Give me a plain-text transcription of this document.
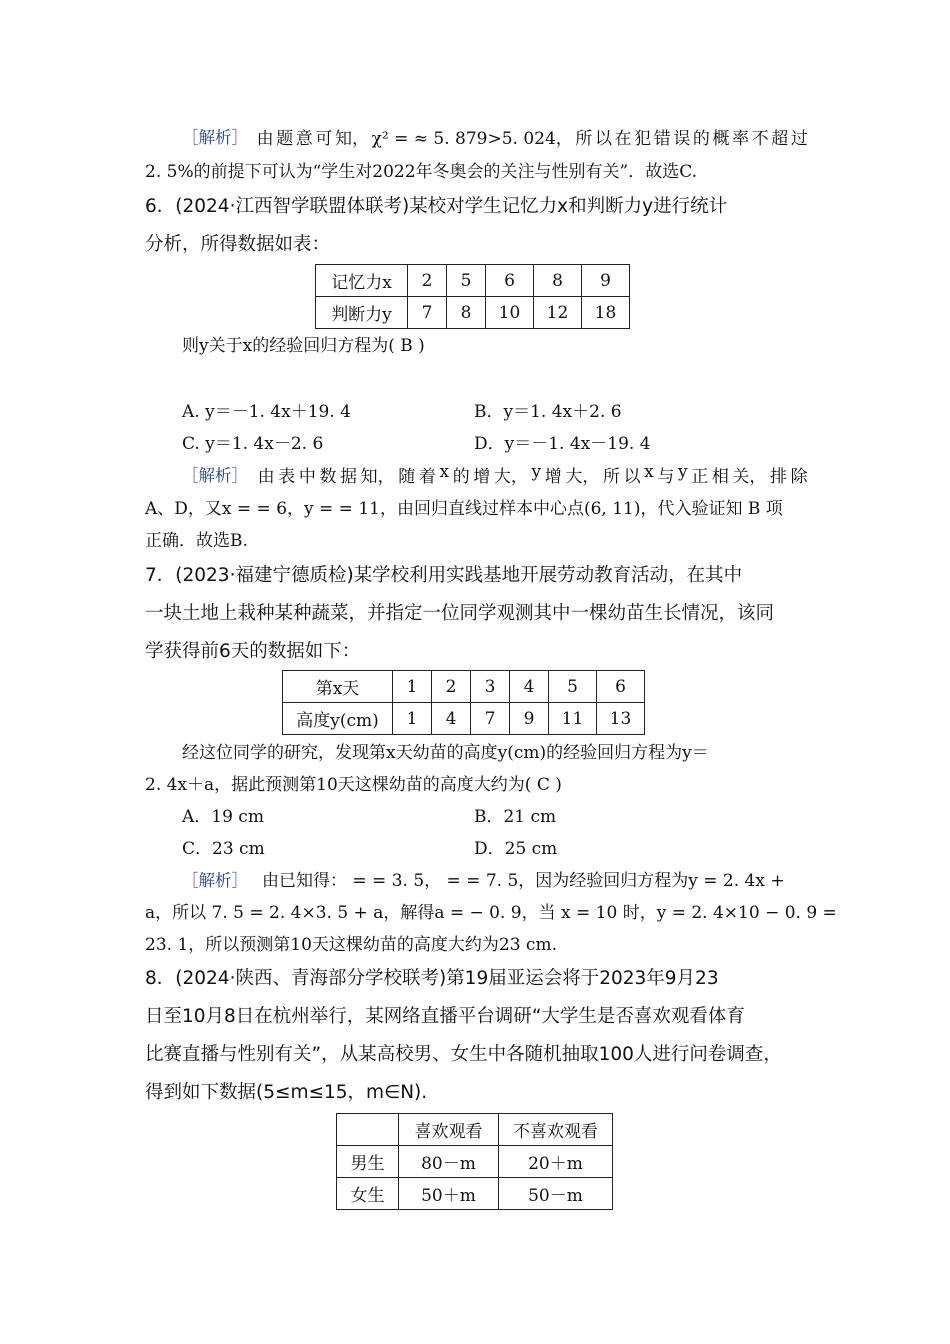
［解析］ 由 题 意 可 知， χ² = ≈ 5. 879>5. 024， 所 以 在 犯 错 误 的 概 率 不 超 过
2. 5%的前提下可认为“学生对2022年冬奥会的关注与性别有关”．故选C.
6．(2024·江西智学联盟体联考)某校对学生记忆力x和判断力y进行统计
分析，所得数据如表：
记忆力x	2	5	6	8	9
判断力y	7	8	10	12	18
则y关于x的经验回归方程为( B )
A. y＝－1. 4x＋19. 4	B．y＝1. 4x＋2. 6
C. y＝1. 4x－2. 6	D．y＝－1. 4x－19. 4
［解析］ 由 表 中 数 据 知， 随 着 x 的 增 大， y 增 大， 所 以 x 与 y 正 相 关， 排 除
A、D，又x = = 6，y = = 11，由回归直线过样本中心点(6, 11)，代入验证知 B 项
正确．故选B.
7．(2023·福建宁德质检)某学校利用实践基地开展劳动教育活动，在其中
一块土地上栽种某种蔬菜，并指定一位同学观测其中一棵幼苗生长情况，该同
学获得前6天的数据如下：
第x天	1	2	3	4	5	6
高度y(cm)	1	4	7	9	11	13
经这位同学的研究，发现第x天幼苗的高度y(cm)的经验回归方程为y＝
2. 4x＋a，据此预测第10天这棵幼苗的高度大约为( C )
A．19 cm	B．21 cm
C．23 cm	D．25 cm
［解析］ 由已知得： = = 3. 5， = = 7. 5，因为经验回归方程为y = 2. 4x +
a，所以 7. 5 = 2. 4×3. 5 + a，解得a = − 0. 9，当 x = 10 时，y = 2. 4×10 − 0. 9 =
23. 1，所以预测第10天这棵幼苗的高度大约为23 cm.
8．(2024·陕西、青海部分学校联考)第19届亚运会将于2023年9月23
日至10月8日在杭州举行，某网络直播平台调研“大学生是否喜欢观看体育
比赛直播与性别有关”，从某高校男、女生中各随机抽取100人进行问卷调查，
得到如下数据(5≤m≤15，m∈N).
	喜欢观看	不喜欢观看
男生	80－m	20＋m
女生	50＋m	50－m
